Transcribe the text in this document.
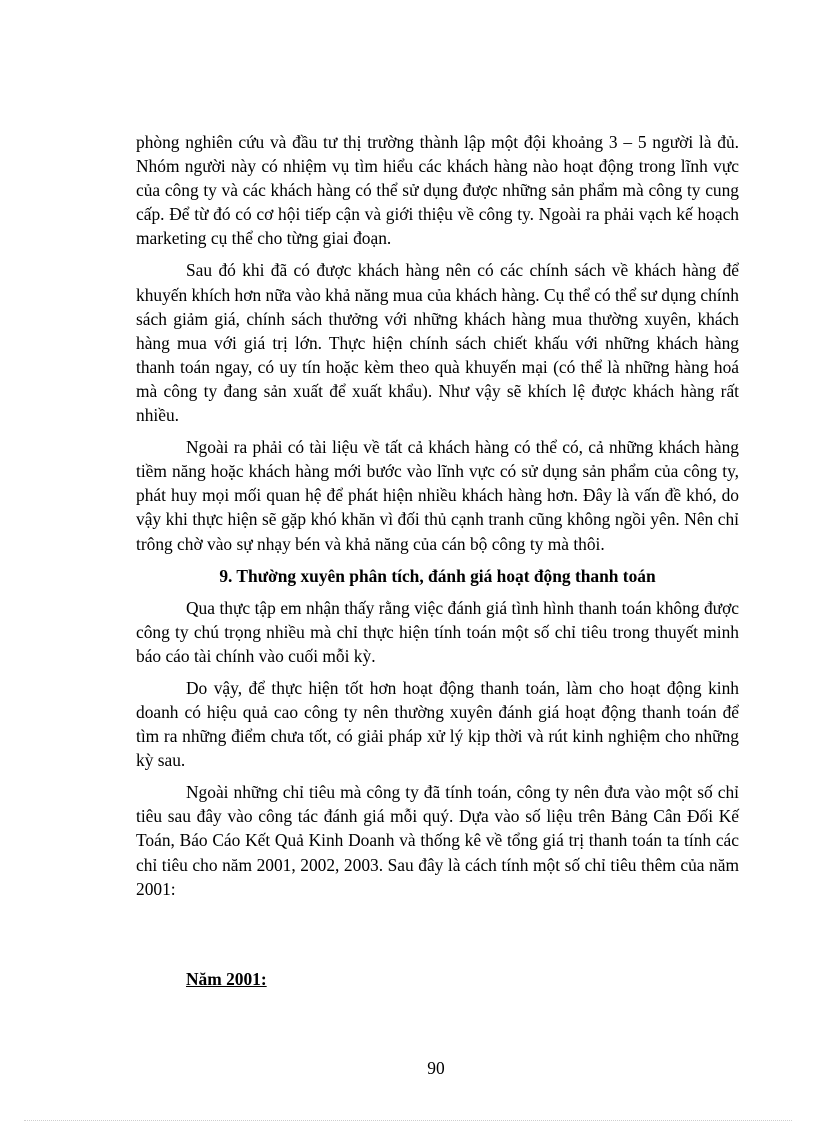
phòng nghiên cứu và đầu tư thị trường thành lập một đội khoảng 3 – 5 người là đủ. Nhóm người này có nhiệm vụ tìm hiểu các khách hàng nào hoạt động trong lĩnh vực của công ty và các khách hàng có thể sử dụng được những sản phẩm mà công ty cung cấp. Để từ đó có cơ hội tiếp cận và giới thiệu về công ty. Ngoài ra phải vạch kế hoạch marketing cụ thể cho từng giai đoạn.

Sau đó khi đã có được khách hàng nên có các chính sách về khách hàng để khuyến khích hơn nữa vào khả năng mua của khách hàng. Cụ thể có thể sư dụng chính sách giảm giá, chính sách thưởng với những khách hàng mua thường xuyên, khách hàng mua với giá trị lớn. Thực hiện chính sách chiết khấu với những khách hàng thanh toán ngay, có uy tín hoặc kèm theo quà khuyến mại (có thể là những hàng hoá mà công ty đang sản xuất để xuất khẩu). Như vậy sẽ khích lệ được khách hàng rất nhiều.

Ngoài ra phải có tài liệu về tất cả khách hàng có thể có, cả những khách hàng tiềm năng hoặc khách hàng mới bước vào lĩnh vực có sử dụng sản phẩm của công ty, phát huy mọi mối quan hệ để phát hiện nhiều khách hàng hơn. Đây là vấn đề khó, do vậy khi thực hiện sẽ gặp khó khăn vì đối thủ cạnh tranh cũng không ngồi yên. Nên chỉ trông chờ vào sự nhạy bén và khả năng của cán bộ công ty mà thôi.

9. Thường xuyên phân tích, đánh giá hoạt động thanh toán

Qua thực tập em nhận thấy rằng việc đánh giá tình hình thanh toán không được công ty chú trọng nhiều mà chỉ thực hiện tính toán một số chỉ tiêu trong thuyết minh báo cáo tài chính vào cuối mỗi kỳ.

Do vậy, để thực hiện tốt hơn hoạt động thanh toán, làm cho hoạt động kinh doanh có hiệu quả cao công ty nên thường xuyên đánh giá hoạt động thanh toán để tìm ra những điểm chưa tốt, có giải pháp xử lý kịp thời và rút kinh nghiệm cho những kỳ sau.

Ngoài những chỉ tiêu mà công ty đã tính toán, công ty nên đưa vào một số chỉ tiêu sau đây vào công tác đánh giá mỗi quý. Dựa vào số liệu trên Bảng Cân Đối Kế Toán, Báo Cáo Kết Quả Kinh Doanh và thống kê về tổng giá trị thanh toán ta tính các chỉ tiêu cho năm 2001, 2002, 2003. Sau đây là cách tính một số chỉ tiêu thêm của năm 2001:

Năm 2001:

90
